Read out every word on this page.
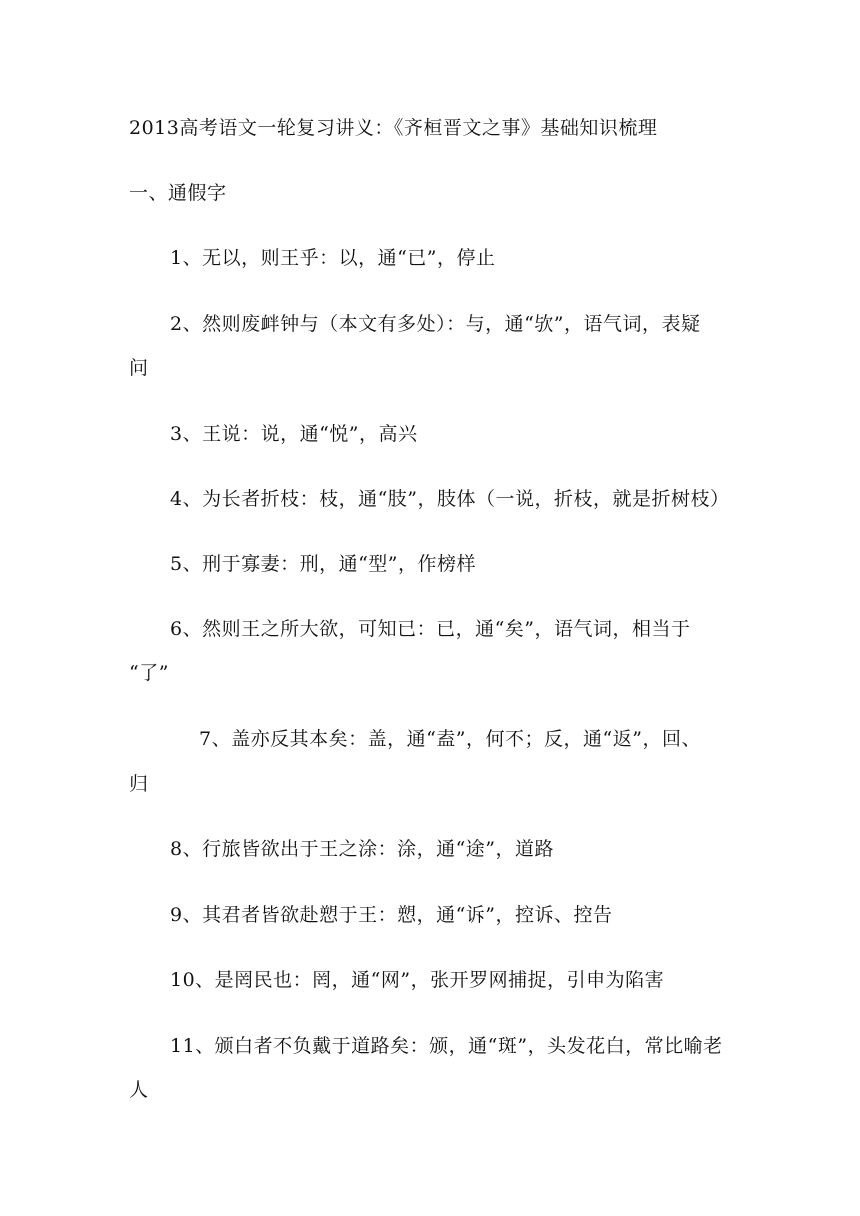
2013高考语文一轮复习讲义：《齐桓晋文之事》基础知识梳理
一、通假字
1、无以，则王乎：以，通“已”，停止
2、然则废衅钟与（本文有多处）：与，通“欤”，语气词，表疑
问
3、王说：说，通“悦”，高兴
4、为长者折枝：枝，通“肢”，肢体（一说，折枝，就是折树枝）
5、刑于寡妻：刑，通“型”，作榜样
6、然则王之所大欲，可知已：已，通“矣”，语气词，相当于
“了”
7、盖亦反其本矣：盖，通“盍”，何不；反，通“返”，回、
归
8、行旅皆欲出于王之涂：涂，通“途”，道路
9、其君者皆欲赴愬于王：愬，通“诉”，控诉、控告
10、是罔民也：罔，通“网”，张开罗网捕捉，引申为陷害
11、颁白者不负戴于道路矣：颁，通“斑”，头发花白，常比喻老
人
